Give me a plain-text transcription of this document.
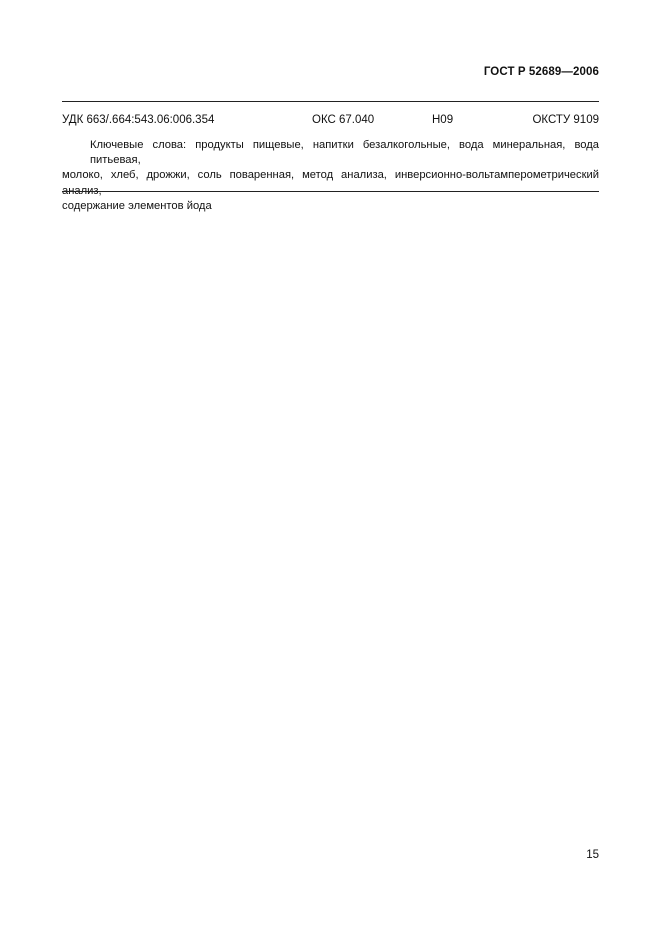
ГОСТ Р 52689—2006
УДК 663/.664:543.06:006.354	ОКС 67.040	Н09	ОКСТУ 9109
Ключевые слова: продукты пищевые, напитки безалкогольные, вода минеральная, вода питьевая,
молоко, хлеб, дрожжи, соль поваренная, метод анализа, инверсионно-вольтамперометрический анализ,
содержание элементов йода
15
